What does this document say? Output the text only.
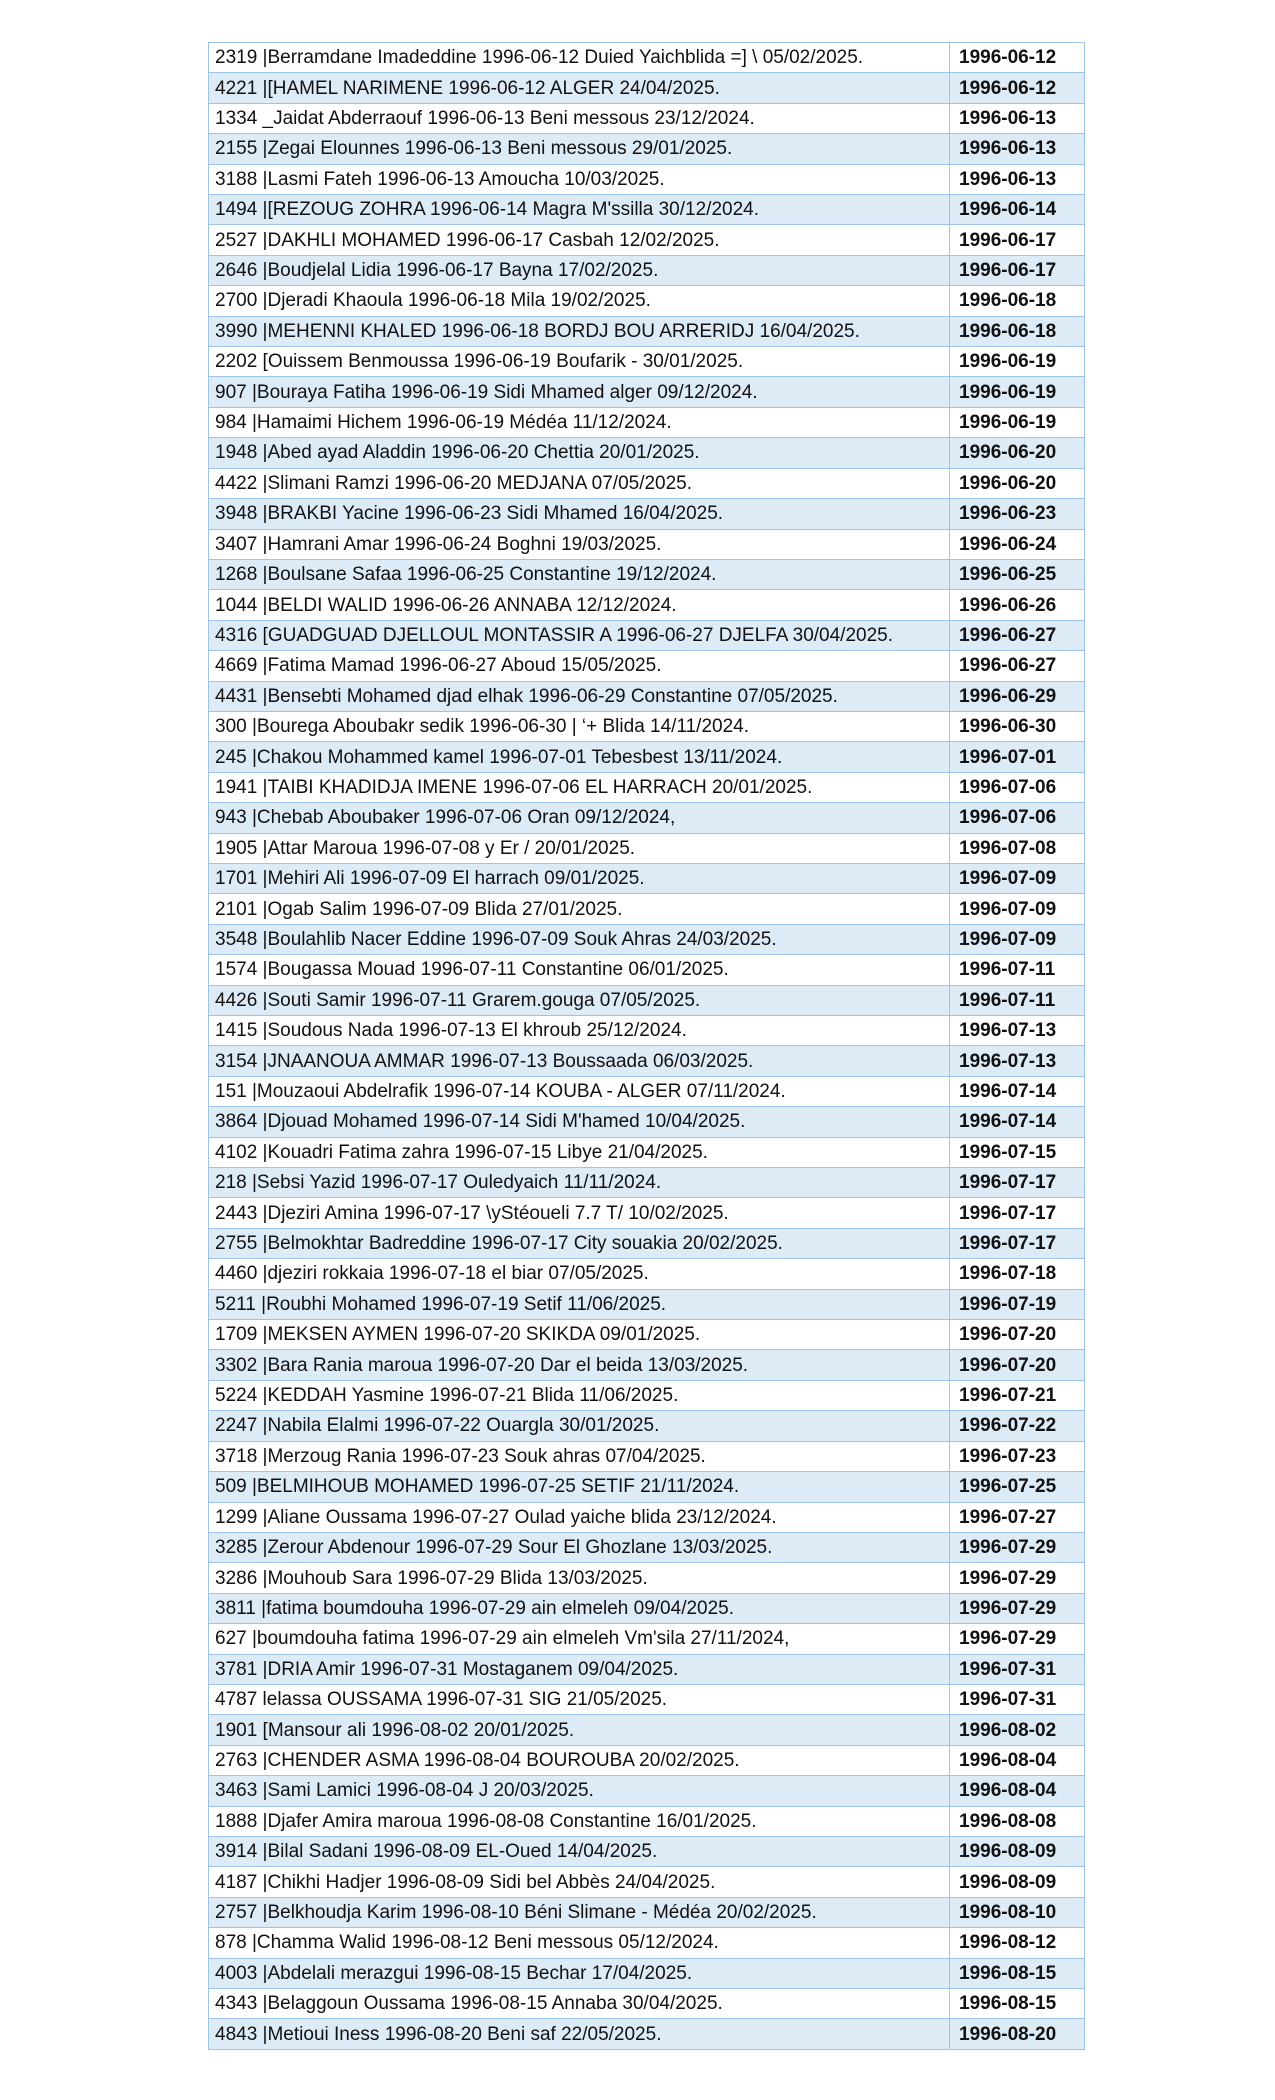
2319 |Berramdane Imadeddine 1996-06-12 Duied Yaichblida =] \ 05/02/2025.	1996-06-12
4221 |[HAMEL NARIMENE 1996-06-12 ALGER 24/04/2025.	1996-06-12
1334 _Jaidat Abderraouf 1996-06-13 Beni messous 23/12/2024.	1996-06-13
2155 |Zegai Elounnes 1996-06-13 Beni messous 29/01/2025.	1996-06-13
3188 |Lasmi Fateh 1996-06-13 Amoucha 10/03/2025.	1996-06-13
1494 |[REZOUG ZOHRA 1996-06-14 Magra M'ssilla 30/12/2024.	1996-06-14
2527 |DAKHLI MOHAMED 1996-06-17 Casbah 12/02/2025.	1996-06-17
2646 |Boudjelal Lidia 1996-06-17 Bayna 17/02/2025.	1996-06-17
2700 |Djeradi Khaoula 1996-06-18 Mila 19/02/2025.	1996-06-18
3990 |MEHENNI KHALED 1996-06-18 BORDJ BOU ARRERIDJ 16/04/2025.	1996-06-18
2202 [Ouissem Benmoussa 1996-06-19 Boufarik - 30/01/2025.	1996-06-19
907 |Bouraya Fatiha 1996-06-19 Sidi Mhamed alger 09/12/2024.	1996-06-19
984 |Hamaimi Hichem 1996-06-19 Médéa 11/12/2024.	1996-06-19
1948 |Abed ayad Aladdin 1996-06-20 Chettia 20/01/2025.	1996-06-20
4422 |Slimani Ramzi 1996-06-20 MEDJANA 07/05/2025.	1996-06-20
3948 |BRAKBI Yacine 1996-06-23 Sidi Mhamed 16/04/2025.	1996-06-23
3407 |Hamrani Amar 1996-06-24 Boghni 19/03/2025.	1996-06-24
1268 |Boulsane Safaa 1996-06-25 Constantine 19/12/2024.	1996-06-25
1044 |BELDI WALID 1996-06-26 ANNABA 12/12/2024.	1996-06-26
4316 [GUADGUAD DJELLOUL MONTASSIR A 1996-06-27 DJELFA 30/04/2025.	1996-06-27
4669 |Fatima Mamad 1996-06-27 Aboud 15/05/2025.	1996-06-27
4431 |Bensebti Mohamed djad elhak 1996-06-29 Constantine 07/05/2025.	1996-06-29
300 |Bourega Aboubakr sedik 1996-06-30 | ‘+ Blida 14/11/2024.	1996-06-30
245 |Chakou Mohammed kamel 1996-07-01 Tebesbest 13/11/2024.	1996-07-01
1941 |TAIBI KHADIDJA IMENE 1996-07-06 EL HARRACH 20/01/2025.	1996-07-06
943 |Chebab Aboubaker 1996-07-06 Oran 09/12/2024,	1996-07-06
1905 |Attar Maroua 1996-07-08 y Er / 20/01/2025.	1996-07-08
1701 |Mehiri Ali 1996-07-09 El harrach 09/01/2025.	1996-07-09
2101 |Ogab Salim 1996-07-09 Blida 27/01/2025.	1996-07-09
3548 |Boulahlib Nacer Eddine 1996-07-09 Souk Ahras 24/03/2025.	1996-07-09
1574 |Bougassa Mouad 1996-07-11 Constantine 06/01/2025.	1996-07-11
4426 |Souti Samir 1996-07-11 Grarem.gouga 07/05/2025.	1996-07-11
1415 |Soudous Nada 1996-07-13 El khroub 25/12/2024.	1996-07-13
3154 |JNAANOUA AMMAR 1996-07-13 Boussaada 06/03/2025.	1996-07-13
151 |Mouzaoui Abdelrafik 1996-07-14 KOUBA - ALGER 07/11/2024.	1996-07-14
3864 |Djouad Mohamed 1996-07-14 Sidi M'hamed 10/04/2025.	1996-07-14
4102 |Kouadri Fatima zahra 1996-07-15 Libye 21/04/2025.	1996-07-15
218 |Sebsi Yazid 1996-07-17 Ouledyaich 11/11/2024.	1996-07-17
2443 |Djeziri Amina 1996-07-17 \yStéoueli 7.7 T/ 10/02/2025.	1996-07-17
2755 |Belmokhtar Badreddine 1996-07-17 City souakia 20/02/2025.	1996-07-17
4460 |djeziri rokkaia 1996-07-18 el biar 07/05/2025.	1996-07-18
5211 |Roubhi Mohamed 1996-07-19 Setif 11/06/2025.	1996-07-19
1709 |MEKSEN AYMEN 1996-07-20 SKIKDA 09/01/2025.	1996-07-20
3302 |Bara Rania maroua 1996-07-20 Dar el beida 13/03/2025.	1996-07-20
5224 |KEDDAH Yasmine 1996-07-21 Blida 11/06/2025.	1996-07-21
2247 |Nabila Elalmi 1996-07-22 Ouargla 30/01/2025.	1996-07-22
3718 |Merzoug Rania 1996-07-23 Souk ahras 07/04/2025.	1996-07-23
509 |BELMIHOUB MOHAMED 1996-07-25 SETIF 21/11/2024.	1996-07-25
1299 |Aliane Oussama 1996-07-27 Oulad yaiche blida 23/12/2024.	1996-07-27
3285 |Zerour Abdenour 1996-07-29 Sour El Ghozlane 13/03/2025.	1996-07-29
3286 |Mouhoub Sara 1996-07-29 Blida 13/03/2025.	1996-07-29
3811 |fatima boumdouha 1996-07-29 ain elmeleh 09/04/2025.	1996-07-29
627 |boumdouha fatima 1996-07-29 ain elmeleh Vm'sila 27/11/2024,	1996-07-29
3781 |DRIA Amir 1996-07-31 Mostaganem 09/04/2025.	1996-07-31
4787 lelassa OUSSAMA 1996-07-31 SIG 21/05/2025.	1996-07-31
1901 [Mansour ali 1996-08-02 20/01/2025.	1996-08-02
2763 |CHENDER ASMA 1996-08-04 BOUROUBA 20/02/2025.	1996-08-04
3463 |Sami Lamici 1996-08-04 J 20/03/2025.	1996-08-04
1888 |Djafer Amira maroua 1996-08-08 Constantine 16/01/2025.	1996-08-08
3914 |Bilal Sadani 1996-08-09 EL-Oued 14/04/2025.	1996-08-09
4187 |Chikhi Hadjer 1996-08-09 Sidi bel Abbès 24/04/2025.	1996-08-09
2757 |Belkhoudja Karim 1996-08-10 Béni Slimane - Médéa 20/02/2025.	1996-08-10
878 |Chamma Walid 1996-08-12 Beni messous 05/12/2024.	1996-08-12
4003 |Abdelali merazgui 1996-08-15 Bechar 17/04/2025.	1996-08-15
4343 |Belaggoun Oussama 1996-08-15 Annaba 30/04/2025.	1996-08-15
4843 |Metioui Iness 1996-08-20 Beni saf 22/05/2025.	1996-08-20
